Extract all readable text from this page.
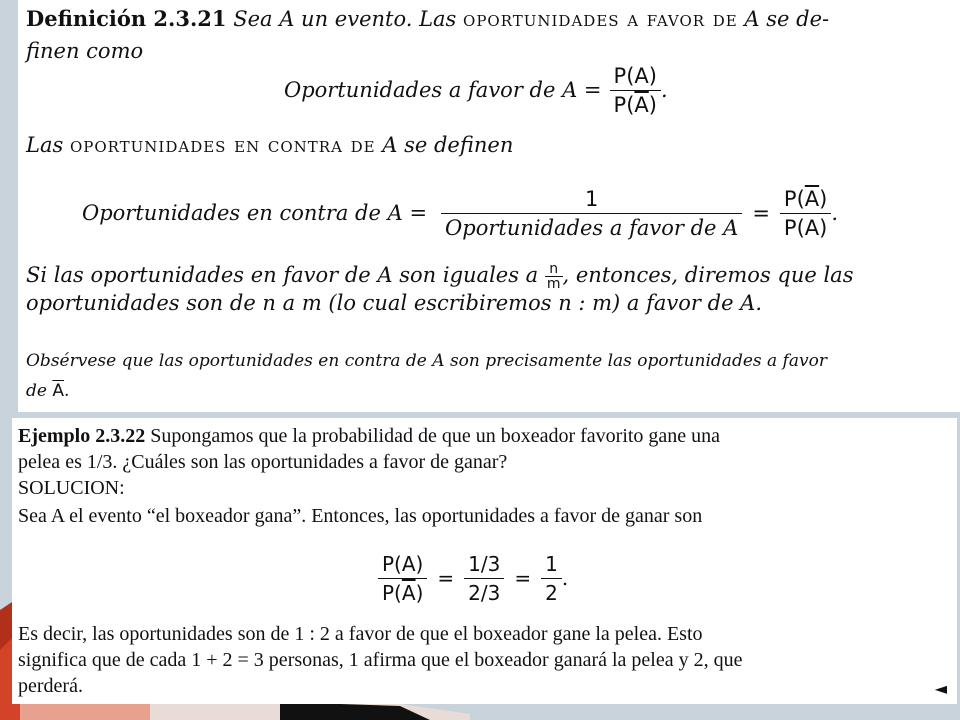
Definición 2.3.21 Sea A un evento. Las oportunidades a favor de A se de-
finen como
Oportunidades a favor de $A = \frac{P(A)}{P(\overline{A})}$ .
Las oportunidades en contra de A se definen
Oportunidades en contra de $A = \frac{1}{\text{Oportunidades a favor de A}} = \frac{P(\overline{A})}{P(A)}$ .
Si las oportunidades en favor de A son iguales a $\frac{n}{m}$ , entonces, diremos que las
oportunidades son de n a m (lo cual escribiremos n : m) a favor de A.
Obsérvese que las oportunidades en contra de A son precisamente las oportunidades a favor
de $\overline{A}$.
Ejemplo 2.3.22 Supongamos que la probabilidad de que un boxeador favorito gane una
pelea es 1/3. ¿Cuáles son las oportunidades a favor de ganar?
SOLUCION:
Sea A el evento “el boxeador gana”. Entonces, las oportunidades a favor de ganar son
$\frac{P(A)}{P(\overline{A})} = \frac{1/3}{2/3} = \frac{1}{2}$ .
Es decir, las oportunidades son de 1 : 2 a favor de que el boxeador gane la pelea. Esto
significa que de cada 1 + 2 = 3 personas, 1 afirma que el boxeador ganará la pelea y 2, que
perderá.	◄
